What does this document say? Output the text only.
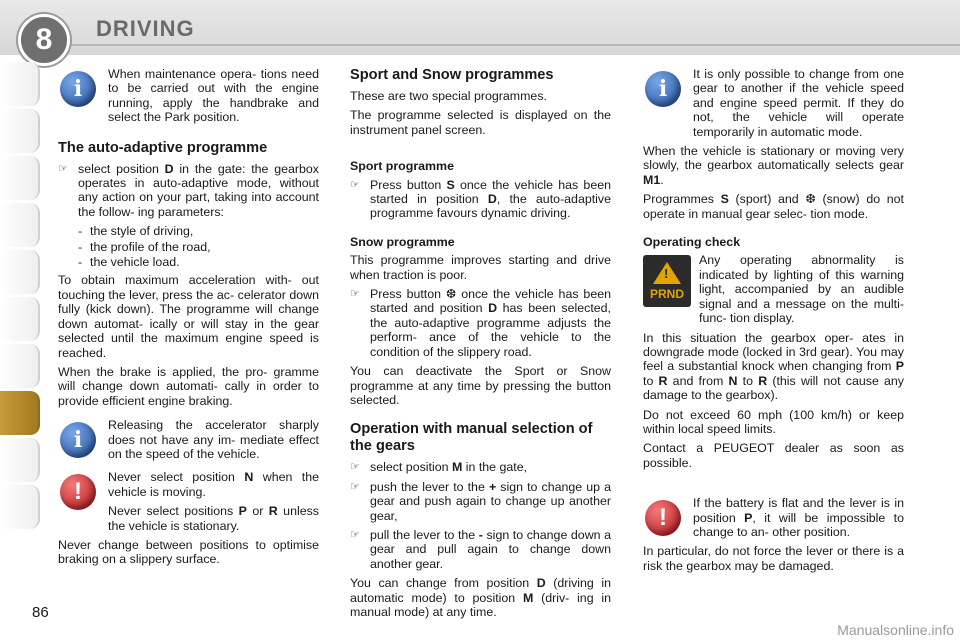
8	DRIVING
i

When maintenance opera- tions need to be carried out with the engine running, apply the handbrake and select the Park position.

The auto-adaptive programme
☞ select position D in the gate: the gearbox operates in auto-adaptive mode, without any action on your part, taking into account the follow- ing parameters:
- the style of driving,
- the profile of the road,
- the vehicle load.

To obtain maximum acceleration with- out touching the lever, press the ac- celerator down fully (kick down). The programme will change down automat- ically or will stay in the gear selected until the maximum engine speed is reached.

When the brake is applied, the pro- gramme will change down automati- cally in order to provide efficient engine braking.

i

Releasing the accelerator sharply does not have any im- mediate effect on the speed of the vehicle.

!

Never select position N when the vehicle is moving.

Never select positions P or R unless the vehicle is stationary.

Never change between positions to optimise braking on a slippery surface.

Sport and Snow programmes

These are two special programmes.

The programme selected is displayed on the instrument panel screen.

Sport programme
☞ Press button S once the vehicle has been started in position D, the auto-adaptive programme favours dynamic driving.
Snow programme

This programme improves starting and drive when traction is poor.

☞ Press button ❆ once the vehicle has been started and position D has been selected, the auto-adaptive programme adjusts the perform- ance of the vehicle to the condition of the slippery road.

You can deactivate the Sport or Snow programme at any time by pressing the button selected.

Operation with manual selection of the gears
☞ select position M in the gate,
☞ push the lever to the + sign to change up a gear and push again to change up another gear,
☞ pull the lever to the - sign to change down a gear and pull again to change down another gear.

You can change from position D (driving in automatic mode) to position M (driv- ing in manual mode) at any time.

i

It is only possible to change from one gear to another if the vehicle speed and engine speed permit. If they do not, the vehicle will operate temporarily in automatic mode.

When the vehicle is stationary or moving very slowly, the gearbox automatically selects gear M1.

Programmes S (sport) and ❆ (snow) do not operate in manual gear selec- tion mode.

Operating check
!
PRND

Any operating abnormality is indicated by lighting of this warning light, accompanied by an audible signal and a message on the multi-func- tion display.

In this situation the gearbox oper- ates in downgrade mode (locked in 3rd gear). You may feel a substantial knock when changing from P to R and from N to R (this will not cause any damage to the gearbox).

Do not exceed 60 mph (100 km/h) or keep within local speed limits.

Contact a PEUGEOT dealer as soon as possible.

!

If the battery is flat and the lever is in position P, it will be impossible to change to an- other position.

In particular, do not force the lever or there is a risk the gearbox may be damaged.

86
Manualsonline.info
